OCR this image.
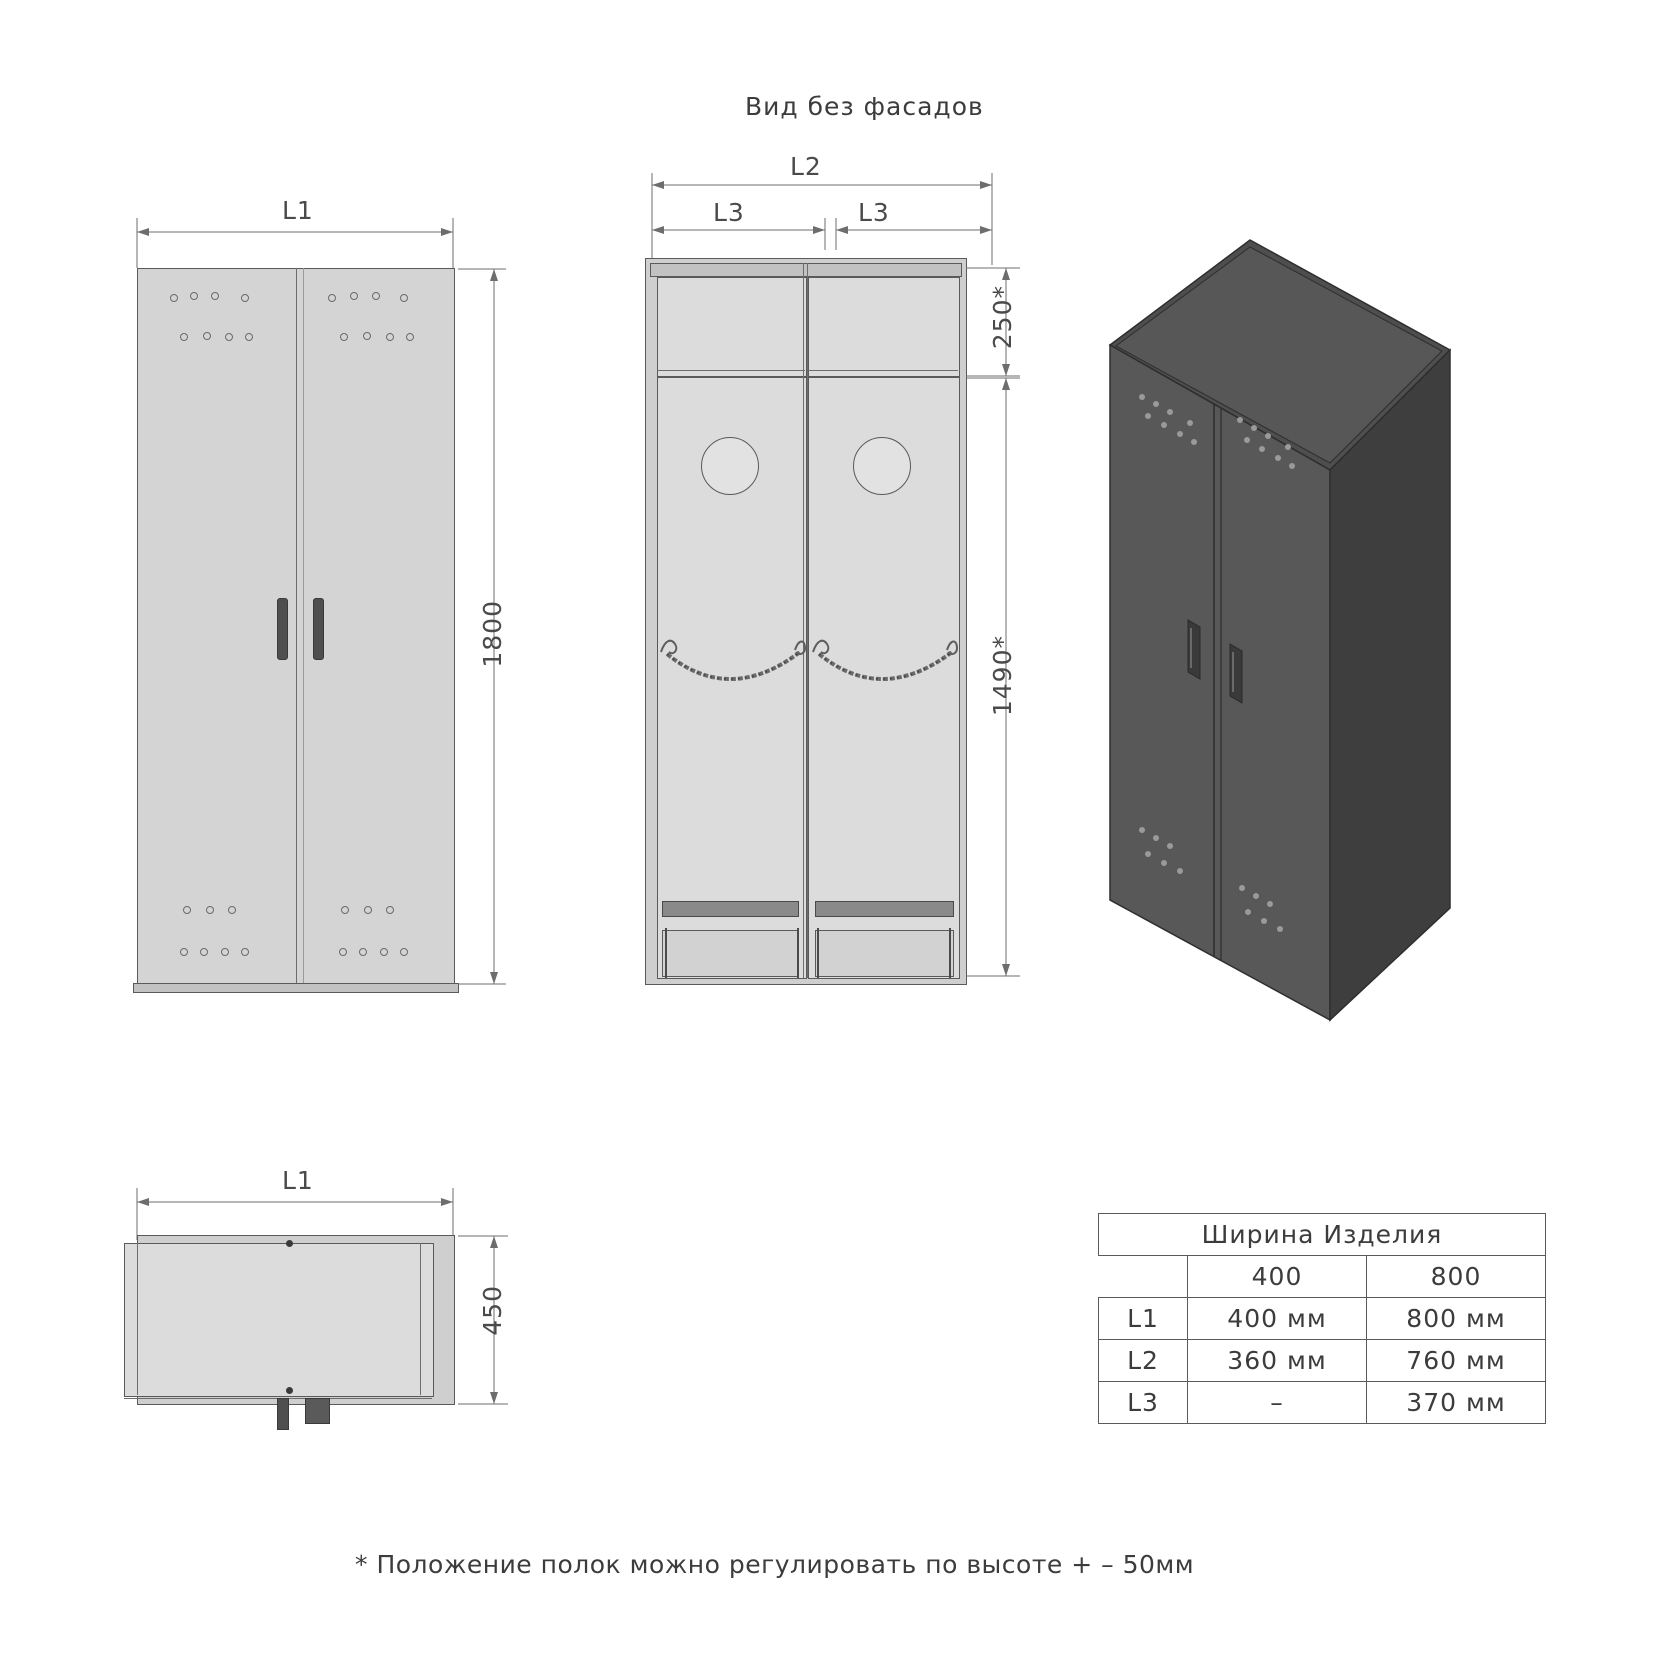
Вид без фасадов
L1
1800
L2
L3	L3
250*
1490*
L1
450
Ширина Изделия		
	400	800
L1	400 мм	800 мм
L2	360 мм	760 мм
L3	–	370 мм
* Положение полок можно регулировать по высоте + – 50мм
